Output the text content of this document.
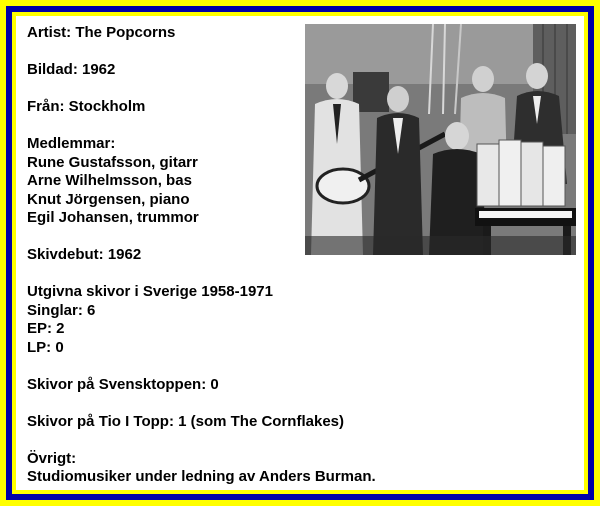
Artist: The Popcorns

Bildad: 1962

Från: Stockholm

Medlemmar:
Rune Gustafsson, gitarr
Arne Wilhelmsson, bas
Knut Jörgensen, piano
Egil Johansen, trummor

Skivdebut: 1962

Utgivna skivor i Sverige 1958-1971
Singlar: 6
EP: 2
LP: 0

Skivor på Svensktoppen: 0

Skivor på Tio I Topp: 1 (som The Cornflakes)

Övrigt:
Studiomusiker under ledning av Anders Burman.
